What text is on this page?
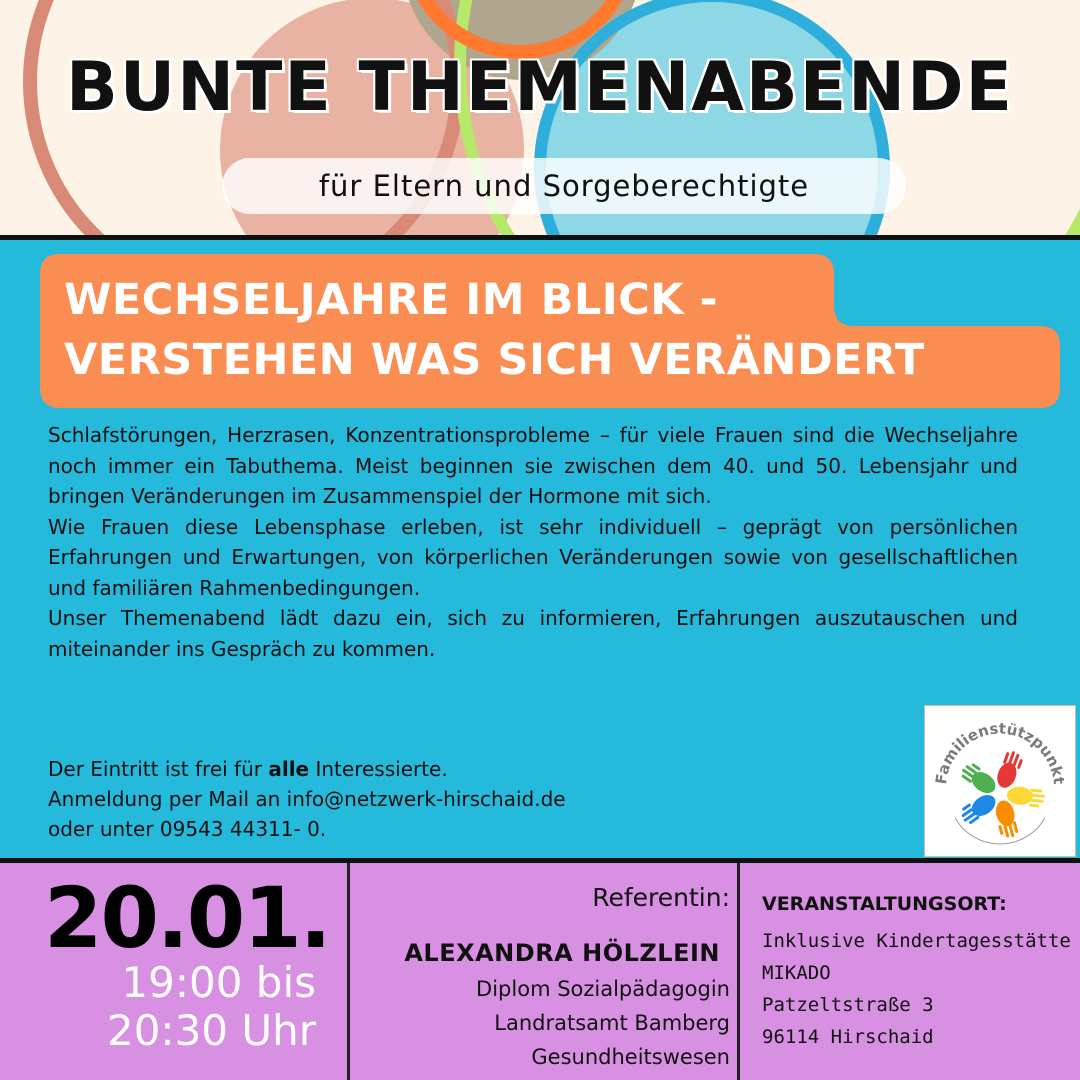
BUNTE THEMENABENDE
für Eltern und Sorgeberechtigte
WECHSELJAHRE IM BLICK -
VERSTEHEN WAS SICH VERÄNDERT

Schlafstörungen, Herzrasen, Konzentrationsprobleme – für viele Frauen sind die Wechseljahre noch immer ein Tabuthema. Meist beginnen sie zwischen dem 40. und 50. Lebensjahr und bringen Veränderungen im Zusammenspiel der Hormone mit sich.

Wie Frauen diese Lebensphase erleben, ist sehr individuell – geprägt von persönlichen Erfahrungen und Erwartungen, von körperlichen Veränderungen sowie von gesellschaftlichen und familiären Rahmenbedingungen.

Unser Themenabend lädt dazu ein, sich zu informieren, Erfahrungen auszutauschen und miteinander ins Gespräch zu kommen.

Der Eintritt ist frei für alle Interessierte.

Anmeldung per Mail an info@netzwerk-hirschaid.de

oder unter 09543 44311- 0.

Familienstützpunkt
20.01.
19:00 bis
20:30 Uhr
Referentin:
ALEXANDRA HÖLZLEIN
Diplom Sozialpädagogin
Landratsamt Bamberg
Gesundheitswesen
VERANSTALTUNGSORT:
Inklusive Kindertagesstätte
MIKADO
Patzeltstraße 3
96114 Hirschaid
